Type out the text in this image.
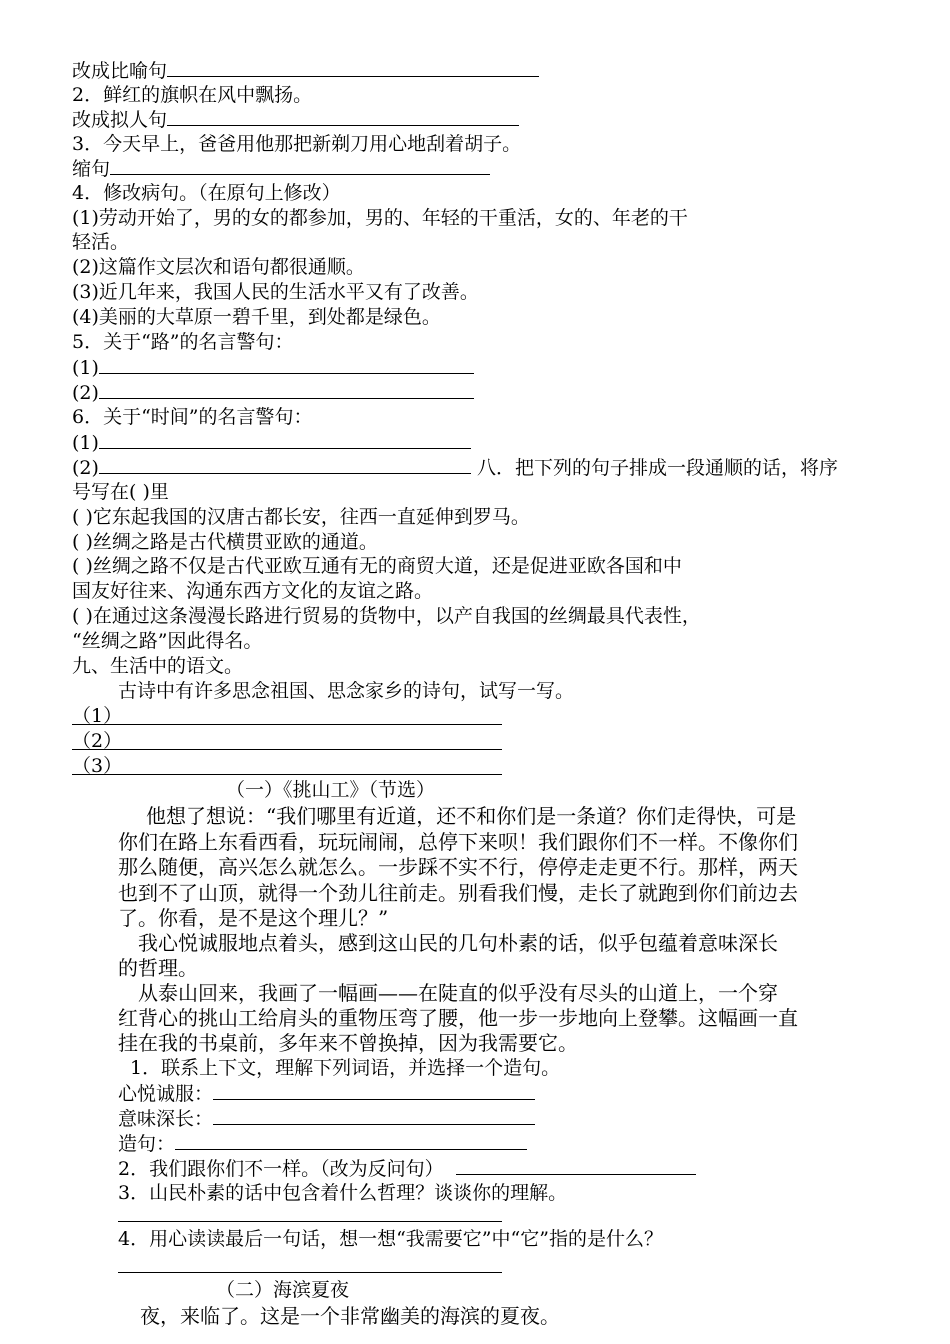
改成比喻句
2．鲜红的旗帜在风中飘扬。
改成拟人句
3．今天早上，爸爸用他那把新剃刀用心地刮着胡子。
缩句
4．修改病句。（在原句上修改）
(1)劳动开始了，男的女的都参加，男的、年轻的干重活，女的、年老的干
轻活。
(2)这篇作文层次和语句都很通顺。
(3)近几年来，我国人民的生活水平又有了改善。
(4)美丽的大草原一碧千里，到处都是绿色。
5．关于“路”的名言警句：
(1)
(2)
6．关于“时间”的名言警句：
(1)
(2)	八．把下列的句子排成一段通顺的话，将序
号写在( )里
( )它东起我国的汉唐古都长安，往西一直延伸到罗马。
( )丝绸之路是古代横贯亚欧的通道。
( )丝绸之路不仅是古代亚欧互通有无的商贸大道，还是促进亚欧各国和中
国友好往来、沟通东西方文化的友谊之路。
( )在通过这条漫漫长路进行贸易的货物中，以产自我国的丝绸最具代表性，
“丝绸之路”因此得名。
九、生活中的语文。
古诗中有许多思念祖国、思念家乡的诗句，试写一写。
（1）
（2）
（3）
（一）《挑山工》（节选）
他想了想说：“我们哪里有近道，还不和你们是一条道？你们走得快，可是
你们在路上东看西看，玩玩闹闹，总停下来呗！我们跟你们不一样。不像你们
那么随便，高兴怎么就怎么。一步踩不实不行，停停走走更不行。那样，两天
也到不了山顶，就得一个劲儿往前走。别看我们慢，走长了就跑到你们前边去
了。你看，是不是这个理儿？”
我心悦诚服地点着头，感到这山民的几句朴素的话，似乎包蕴着意味深长
的哲理。
从泰山回来，我画了一幅画——在陡直的似乎没有尽头的山道上，一个穿
红背心的挑山工给肩头的重物压弯了腰，他一步一步地向上登攀。这幅画一直
挂在我的书桌前，多年来不曾换掉，因为我需要它。
1．联系上下文，理解下列词语，并选择一个造句。
心悦诚服：
意味深长：
造句：
2．我们跟你们不一样。（改为反问句）
3．山民朴素的话中包含着什么哲理？谈谈你的理解。
4．用心读读最后一句话，想一想“我需要它”中“它”指的是什么？
（二）海滨夏夜
夜，来临了。这是一个非常幽美的海滨的夏夜。
